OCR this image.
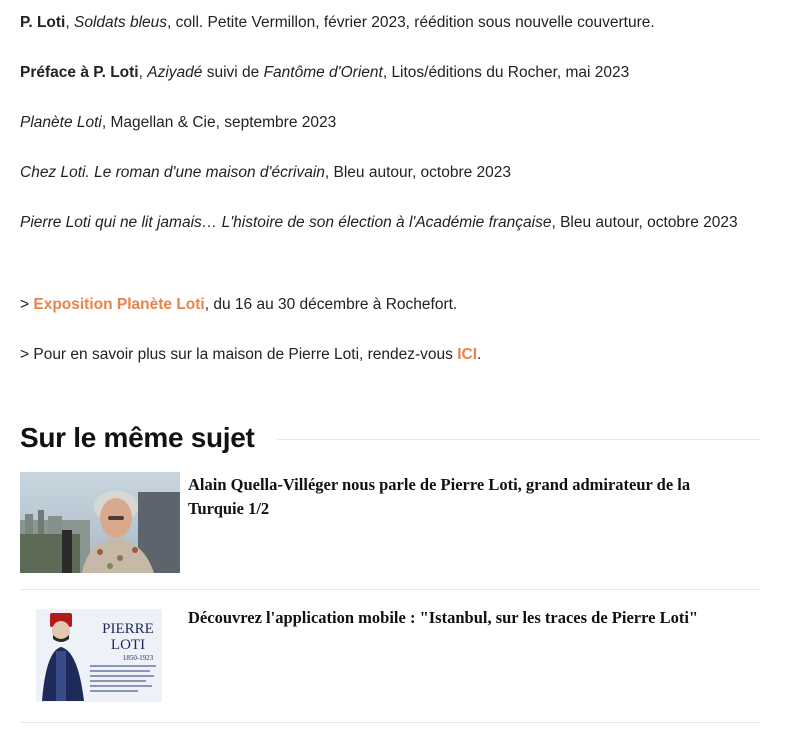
P. Loti, Soldats bleus, coll. Petite Vermillon, février 2023, réédition sous nouvelle couverture.

Préface à P. Loti, Aziyadé suivi de Fantôme d'Orient, Litos/éditions du Rocher, mai 2023

Planète Loti, Magellan & Cie, septembre 2023

Chez Loti. Le roman d'une maison d'écrivain, Bleu autour, octobre 2023

Pierre Loti qui ne lit jamais… L'histoire de son élection à l'Académie française, Bleu autour, octobre 2023

> Exposition Planète Loti, du 16 au 30 décembre à Rochefort.

> Pour en savoir plus sur la maison de Pierre Loti, rendez-vous ICI.

Sur le même sujet
Alain Quella-Villéger nous parle de Pierre Loti, grand admirateur de la Turquie 1/2
PIERRE
LOTI
1850-1923
Découvrez l'application mobile : "Istanbul, sur les traces de Pierre Loti"
